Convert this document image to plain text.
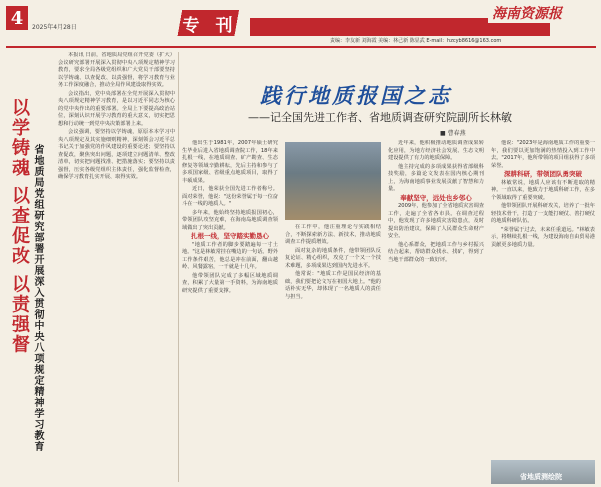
4	2025年4月28日	专 刊
海南资源报
责编：李友新 刘海霞 美编：林己新 陈显武 E-mail：hzcyb8616@163.com
以学铸魂 以查促改 以责强督 省地质局党组研究部署开展深入贯彻中央八项规定精神学习教育

本报讯 日前，省地质局党组召开党委（扩大）会议研究部署开展深入贯彻中央八项规定精神学习教育，要求全局各级党组织和广大党员干部要坚持以学铸魂、以查促改、以责强督，将学习教育与业务工作深度融合，推动全局作风建设取得实效。

会议指出，党中央部署在全党开展深入贯彻中央八项规定精神学习教育，是以习近平同志为核心的党中央作出的重要部署。全局上下要提高政治站位，深刻认识开展学习教育的重大意义，切实把思想和行动统一到党中央决策部署上来。

会议强调，要坚持以学铸魂，原原本本学习中央八项规定及其实施细则精神，深刻领会习近平总书记关于加强党的作风建设的重要论述；要坚持以查促改，聚焦突出问题，逐项建立问题清单、整改清单，切实把问题找准、把措施落实；要坚持以责强督，压实各级党组织主体责任，强化监督检查，确保学习教育扎实开展、取得实效。

践行地质报国之志
——记全国先进工作者、省地质调查研究院副所长林敏
■ 曹春燕

他出生于1981年，2007年硕士研究生毕业后进入省地质调查院工作，18年来扎根一线，在地质调查、矿产勘查、生态修复等领域辛勤耕耘，先后主持和参与了多项国家级、省级重点地质项目，取得了丰硕成果。

近日，他荣获全国先进工作者称号。面对荣誉，他说："这份荣誉属于每一位奋斗在一线的地质人。"

多年来，他始终坚持地质报国初心，带领团队攻坚克难，在海南岛地质调查领域做出了突出贡献。

扎根一线，坚守踏实勤恳心

"地质工作者的脚步要踏遍每一寸土地。"这是林敏常挂在嘴边的一句话。野外工作条件艰苦，他总是冲在前面，翻山越岭、风餐露宿，一干就是十几年。

他带领团队完成了多幅区域地质调查，积累了大量第一手资料，为海南地质研究提供了重要支撑。

在工作中，他注重理论与实践相结合，不断探索新方法、新技术，推动地质调查工作提质增效。

面对复杂的地质条件，他带领团队反复论证、精心组织，攻克了一个又一个技术难题，多项成果达到国内先进水平。

他常说："地质工作是国民经济的基础，我们要把论文写在祖国大地上。"他的话朴实无华，却体现了一名地质人的责任与担当。

近年来，他积极推动地质调查成果转化应用，为地方经济社会发展、生态文明建设提供了有力的地质保障。

他主持完成的多项成果获得省部级科技奖励，多篇论文发表在国内核心期刊上，为海南地质事业发展贡献了智慧和力量。

奉献坚守，远处也乡邻心

2009年，他参加了全省地质灾害调查工作，走遍了全省各市县。在调查过程中，他发现了许多地质灾害隐患点，及时提出防治建议，保障了人民群众生命财产安全。

他心系群众，把地质工作与乡村振兴结合起来，帮助群众找水、找矿，得到了当地干部群众的一致好评。

他说："2023年是海南地质工作的重要一年，我们要以更加饱满的热情投入到工作中去。"2017年，他所带领的项目组获得了多项荣誉。

深耕科研，带领团队勇突破

林敏常说，地质人应该有不断进取的精神。一直以来，他致力于地质科研工作，在多个领域取得了重要突破。

他带领团队开展科研攻关，培养了一批年轻技术骨干，打造了一支能打硬仗、善打硬仗的地质科研队伍。

"荣誉属于过去，未来任重道远。"林敏表示，将继续扎根一线，为建设海南自由贸易港贡献更多地质力量。

省地质测绘院
